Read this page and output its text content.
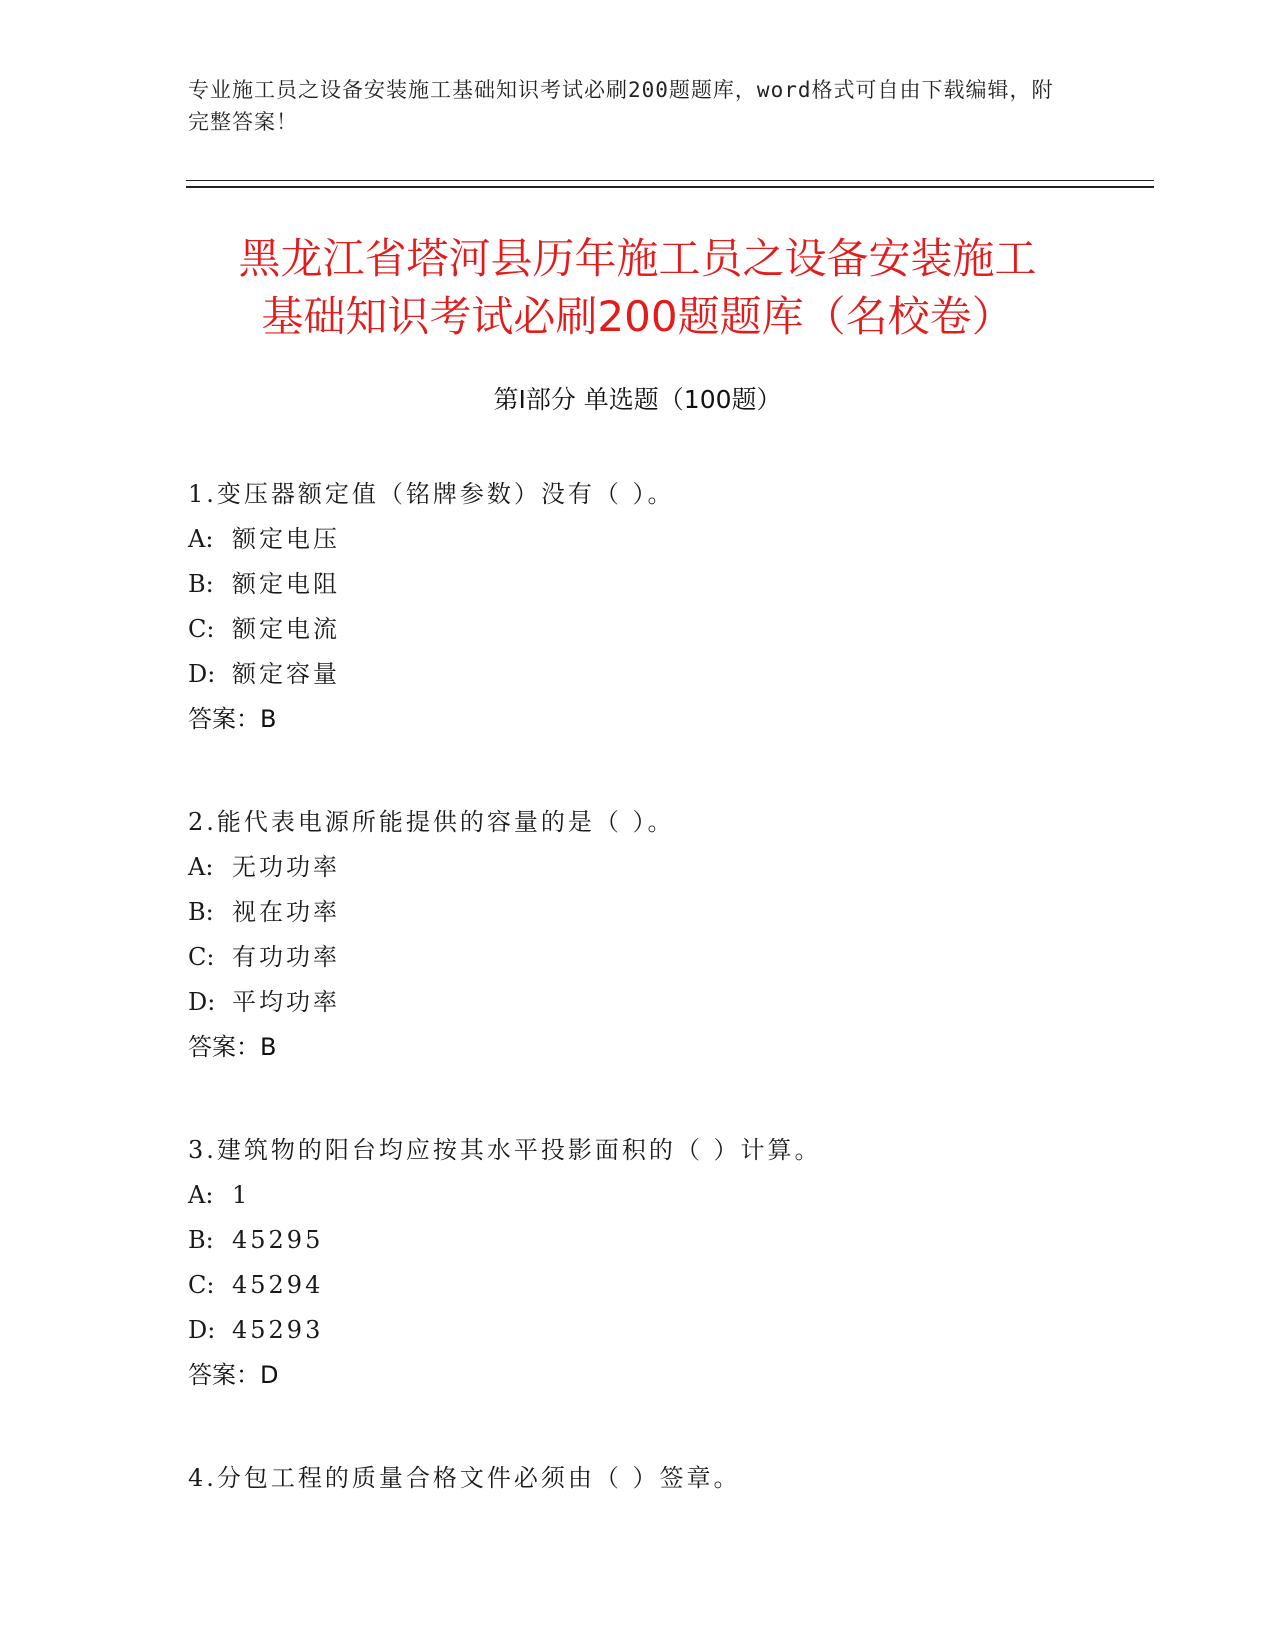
专业施工员之设备安装施工基础知识考试必刷200题题库，word格式可自由下载编辑，附完整答案！
黑龙江省塔河县历年施工员之设备安装施工
基础知识考试必刷200题题库（名校卷）
第Ⅰ部分 单选题（100题）
1.变压器额定值（铭牌参数）没有（ ）。
A: 额定电压
B: 额定电阻
C: 额定电流
D: 额定容量
答案：B
2.能代表电源所能提供的容量的是（ ）。
A: 无功功率
B: 视在功率
C: 有功功率
D: 平均功率
答案：B
3.建筑物的阳台均应按其水平投影面积的（ ）计算。
A: 1
B: 45295
C: 45294
D: 45293
答案：D
4.分包工程的质量合格文件必须由（ ）签章。
